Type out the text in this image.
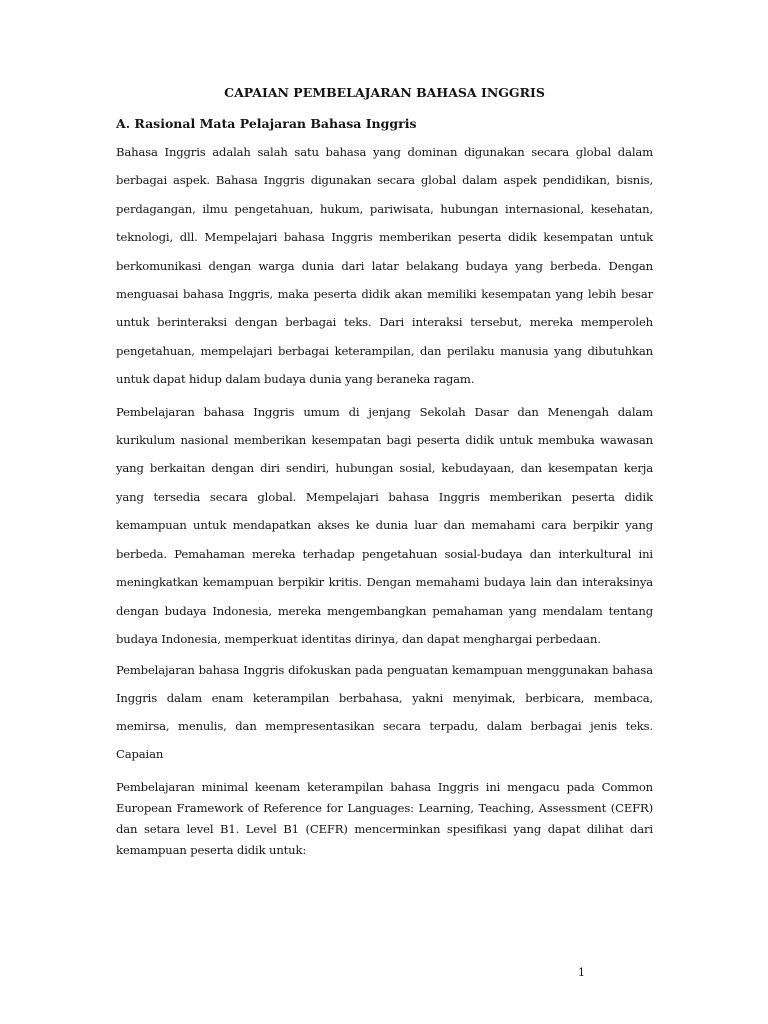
CAPAIAN PEMBELAJARAN BAHASA INGGRIS
A. Rasional Mata Pelajaran Bahasa Inggris

Bahasa Inggris adalah salah satu bahasa yang dominan digunakan secara global dalam berbagai aspek. Bahasa Inggris digunakan secara global dalam aspek pendidikan, bisnis, perdagangan, ilmu pengetahuan, hukum, pariwisata, hubungan internasional, kesehatan, teknologi, dll. Mempelajari bahasa Inggris memberikan peserta didik kesempatan untuk berkomunikasi dengan warga dunia dari latar belakang budaya yang berbeda. Dengan menguasai bahasa Inggris, maka peserta didik akan memiliki kesempatan yang lebih besar untuk berinteraksi dengan berbagai teks. Dari interaksi tersebut, mereka memperoleh pengetahuan, mempelajari berbagai keterampilan, dan perilaku manusia yang dibutuhkan untuk dapat hidup dalam budaya dunia yang beraneka ragam.

Pembelajaran bahasa Inggris umum di jenjang Sekolah Dasar dan Menengah dalam kurikulum nasional memberikan kesempatan bagi peserta didik untuk membuka wawasan yang berkaitan dengan diri sendiri, hubungan sosial, kebudayaan, dan kesempatan kerja yang tersedia secara global. Mempelajari bahasa Inggris memberikan peserta didik kemampuan untuk mendapatkan akses ke dunia luar dan memahami cara berpikir yang berbeda. Pemahaman mereka terhadap pengetahuan sosial-budaya dan interkultural ini meningkatkan kemampuan berpikir kritis. Dengan memahami budaya lain dan interaksinya dengan budaya Indonesia, mereka mengembangkan pemahaman yang mendalam tentang budaya Indonesia, memperkuat identitas dirinya, dan dapat menghargai perbedaan.

Pembelajaran bahasa Inggris difokuskan pada penguatan kemampuan menggunakan bahasa Inggris dalam enam keterampilan berbahasa, yakni menyimak, berbicara, membaca, memirsa, menulis, dan mempresentasikan secara terpadu, dalam berbagai jenis teks. Capaian

Pembelajaran minimal keenam keterampilan bahasa Inggris ini mengacu pada Common European Framework of Reference for Languages: Learning, Teaching, Assessment (CEFR) dan setara level B1. Level B1 (CEFR) mencerminkan spesifikasi yang dapat dilihat dari kemampuan peserta didik untuk:

1
